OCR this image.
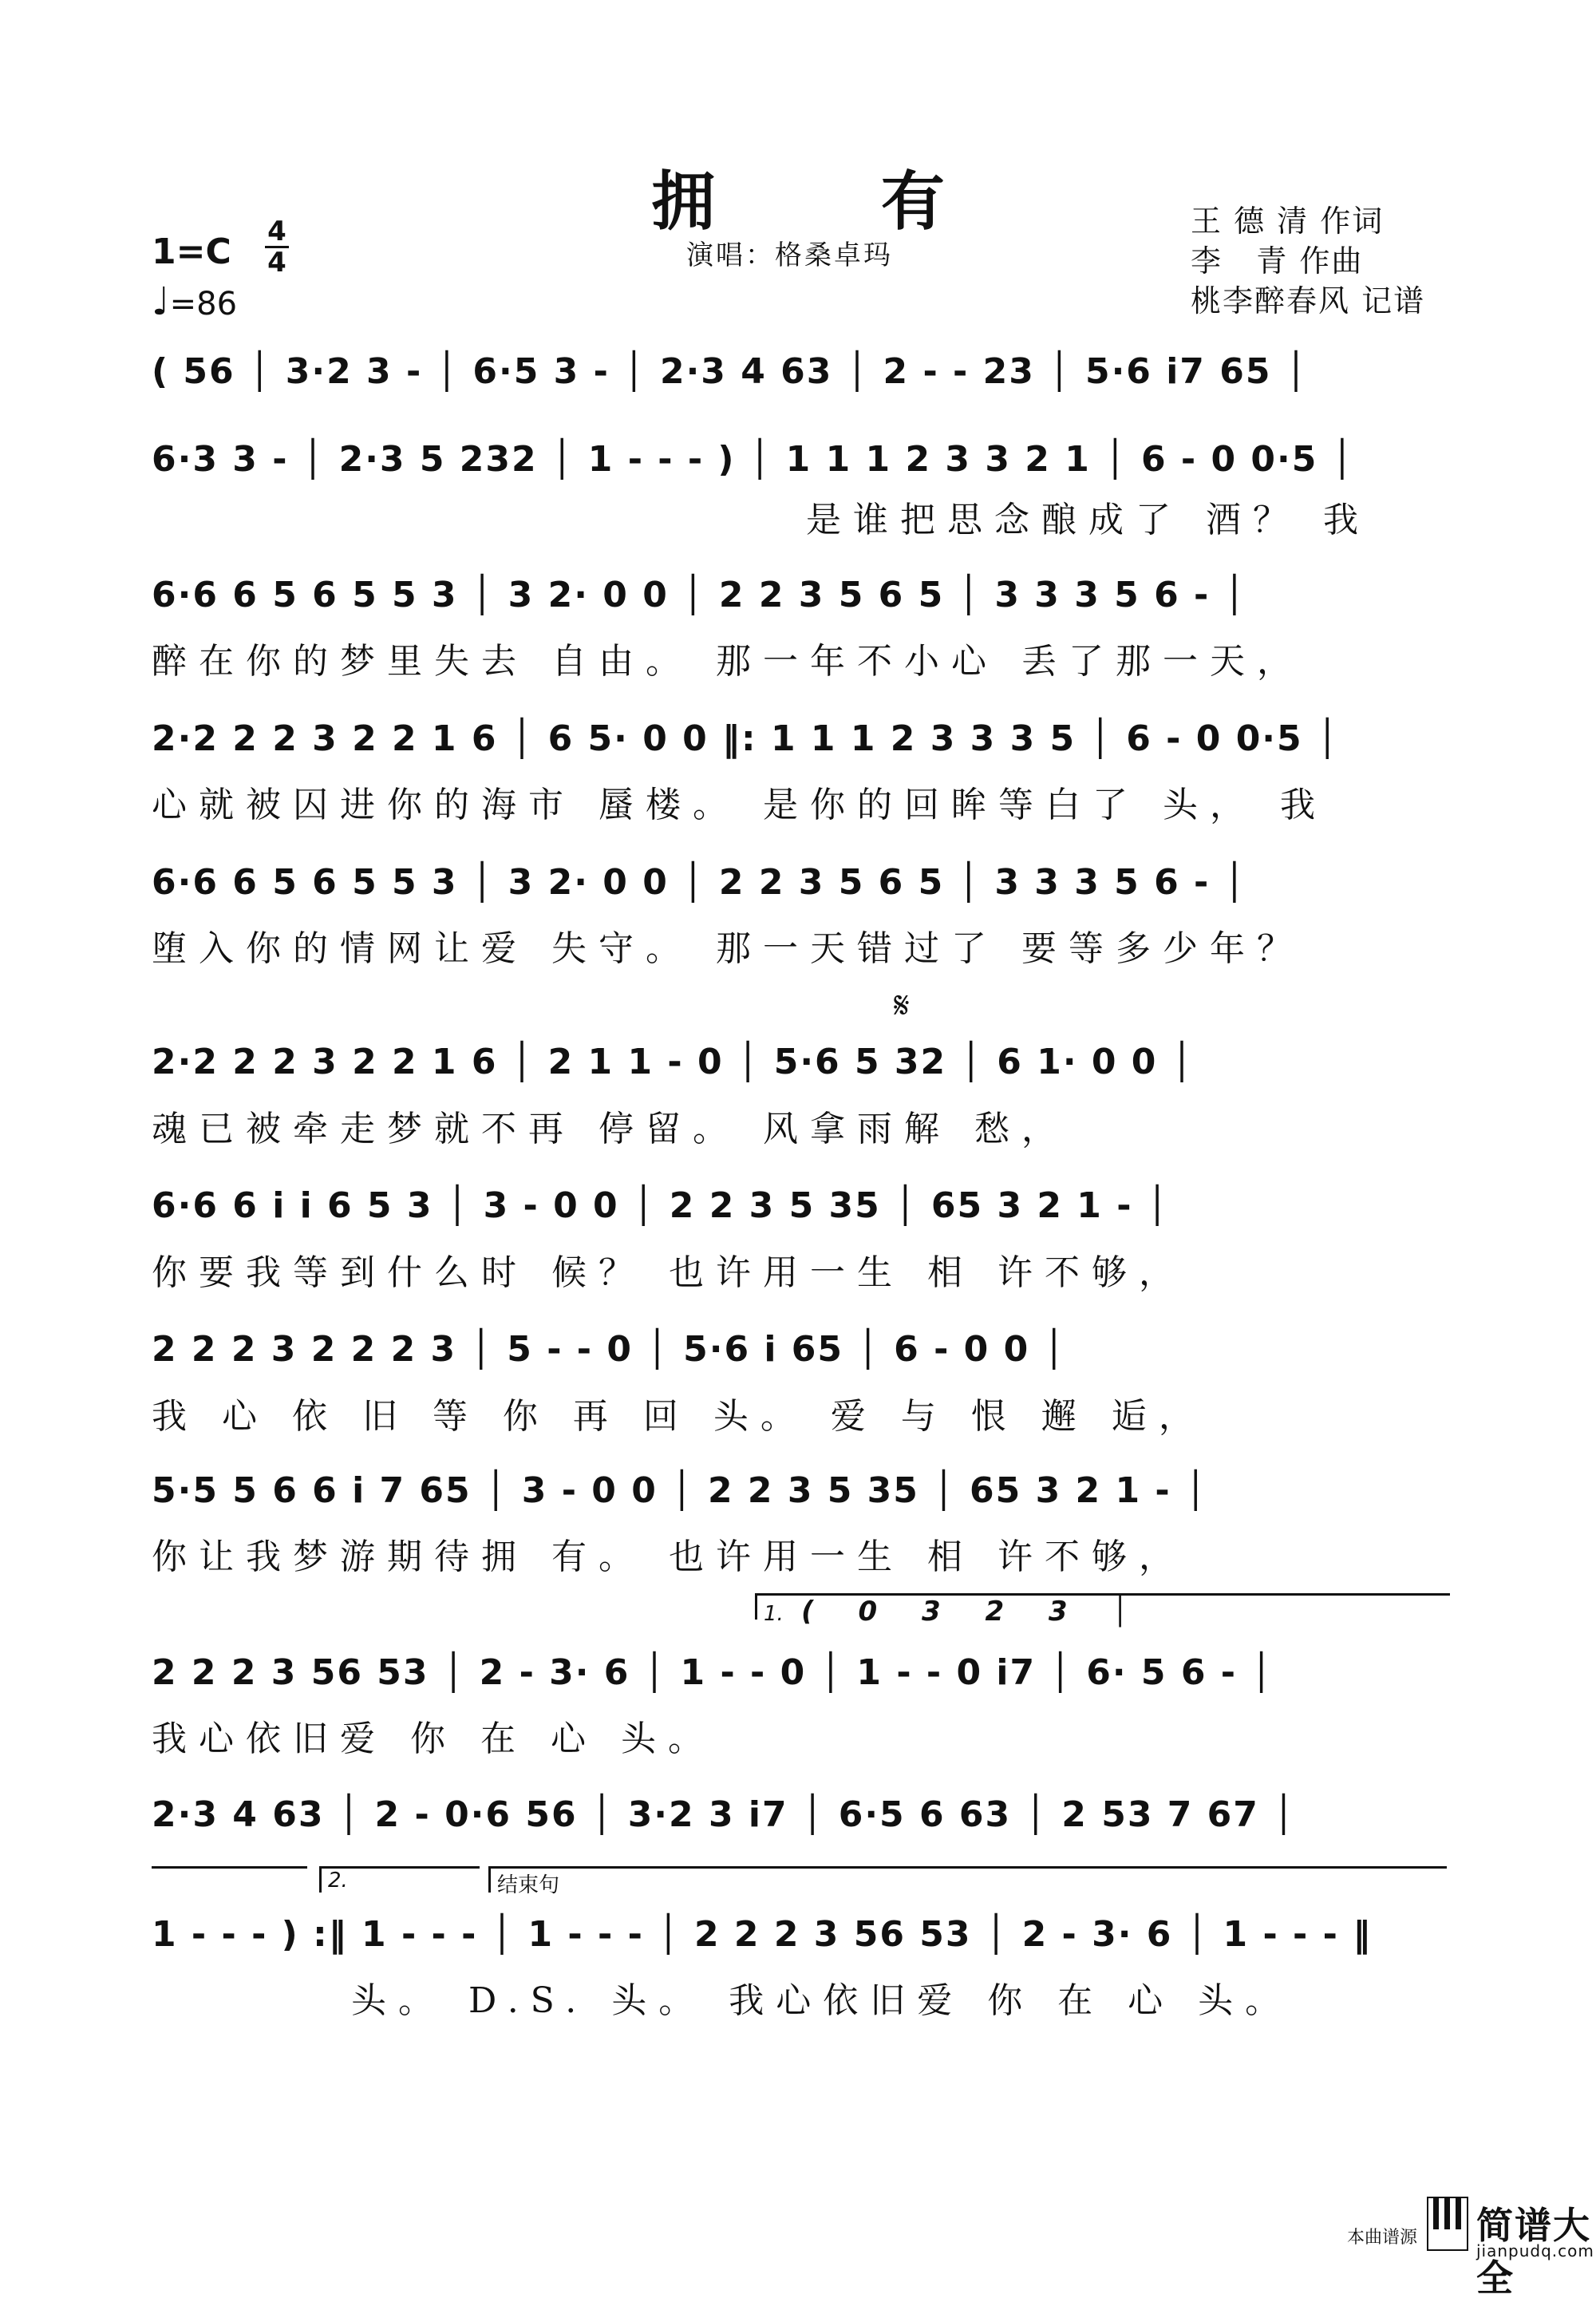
拥 有
演唱：格桑卓玛
王 德 清 作词
李   青 作曲
桃李醉春风 记谱
1=C 4
4
♩=86
( 56 │ 3·2 3 - │ 6·5 3 - │ 2·3 4 63 │ 2 - - 23 │ 5·6 i7 65 │
6·3 3 - │ 2·3 5 232 │ 1 - - - ) │ 1 1 1 2 3 3 2 1 │ 6 - 0 0·5 │
是谁把思念酿成了 酒？ 我
6·6 6 5 6 5 5 3 │ 3 2· 0 0 │ 2 2 3 5 6 5 │ 3 3 3 5 6 - │
醉在你的梦里失去 自由。 那一年不小心 丢了那一天，
2·2 2 2 3 2 2 1 6 │ 6 5· 0 0 ‖: 1 1 1 2 3 3 3 5 │ 6 - 0 0·5 │
心就被囚进你的海市 蜃楼。 是你的回眸等白了 头， 我
6·6 6 5 6 5 5 3 │ 3 2· 0 0 │ 2 2 3 5 6 5 │ 3 3 3 5 6 - │
堕入你的情网让爱 失守。 那一天错过了 要等多少年？
𝄋
2·2 2 2 3 2 2 1 6 │ 2 1 1 - 0 │ 5·6 5 32 │ 6 1· 0 0 │
魂已被牵走梦就不再 停留。 风拿雨解 愁，
6·6 6 i i 6 5 3 │ 3 - 0 0 │ 2 2 3 5 35 │ 65 3 2 1 - │
你要我等到什么时 候？ 也许用一生 相 许不够，
2 2 2 3 2 2 2 3 │ 5 - - 0 │ 5·6 i 65 │ 6 - 0 0 │
我 心 依 旧 等 你 再 回 头。 爱 与 恨 邂 逅，
5·5 5 6 6 i 7 65 │ 3 - 0 0 │ 2 2 3 5 35 │ 65 3 2 1 - │
你让我梦游期待拥 有。 也许用一生 相 许不够，
1. ( 0 3 2 3 │
2 2 2 3 56 53 │ 2 - 3· 6 │ 1 - - 0 │ 1 - - 0 i7 │ 6· 5 6 - │
我心依旧爱 你 在 心 头。
2·3 4 63 │ 2 - 0·6 56 │ 3·2 3 i7 │ 6·5 6 63 │ 2 53 7 67 │
2.	结束句
1 - - - ) :‖ 1 - - - │ 1 - - - │ 2 2 2 3 56 53 │ 2 - 3· 6 │ 1 - - - ‖
头。 D.S. 头。 我心依旧爱 你 在 心 头。
本曲谱源 简谱大全
jianpudq.com
